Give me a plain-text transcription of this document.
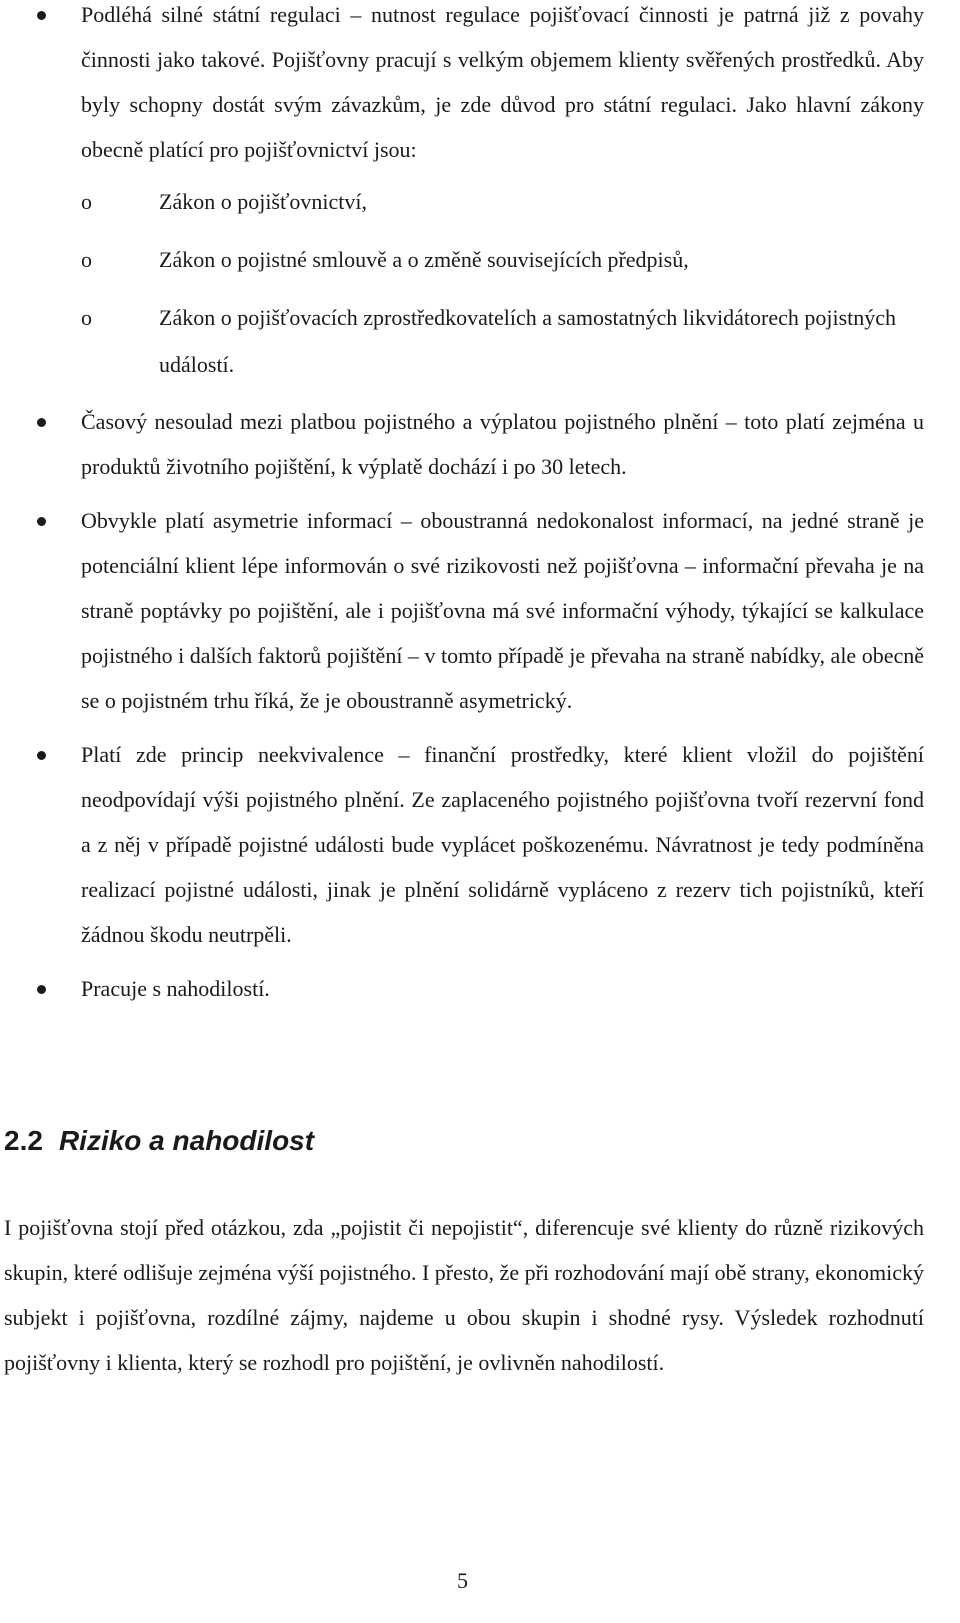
Podléhá silné státní regulaci – nutnost regulace pojišťovací činnosti je patrná již z povahy činnosti jako takové. Pojišťovny pracují s velkým objemem klienty svěřených prostředků. Aby byly schopny dostát svým závazkům, je zde důvod pro státní regulaci. Jako hlavní zákony obecně platící pro pojišťovnictví jsou:
o	Zákon o pojišťovnictví,
o	Zákon o pojistné smlouvě a o změně souvisejících předpisů,
o	Zákon o pojišťovacích zprostředkovatelích a samostatných likvidátorech pojistných událostí.
Časový nesoulad mezi platbou pojistného a výplatou pojistného plnění – toto platí zejména u produktů životního pojištění, k výplatě dochází i po 30 letech.
Obvykle platí asymetrie informací – oboustranná nedokonalost informací, na jedné straně je potenciální klient lépe informován o své rizikovosti než pojišťovna – informační převaha je na straně poptávky po pojištění, ale i pojišťovna má své informační výhody, týkající se kalkulace pojistného i dalších faktorů pojištění – v tomto případě je převaha na straně nabídky, ale obecně se o pojistném trhu říká, že je oboustranně asymetrický.
Platí zde princip neekvivalence – finanční prostředky, které klient vložil do pojištění neodpovídají výši pojistného plnění. Ze zaplaceného pojistného pojišťovna tvoří rezervní fond a z něj v případě pojistné události bude vyplácet poškozenému. Návratnost je tedy podmíněna realizací pojistné události, jinak je plnění solidárně vypláceno z rezerv tich pojistníků, kteří žádnou škodu neutrpěli.
Pracuje s nahodilostí.
2.2 Riziko a nahodilost

I pojišťovna stojí před otázkou, zda „pojistit či nepojistit“, diferencuje své klienty do různě rizikových skupin, které odlišuje zejména výší pojistného. I přesto, že při rozhodování mají obě strany, ekonomický subjekt i pojišťovna, rozdílné zájmy, najdeme u obou skupin i shodné rysy. Výsledek rozhodnutí pojišťovny i klienta, který se rozhodl pro pojištění, je ovlivněn nahodilostí.

5
